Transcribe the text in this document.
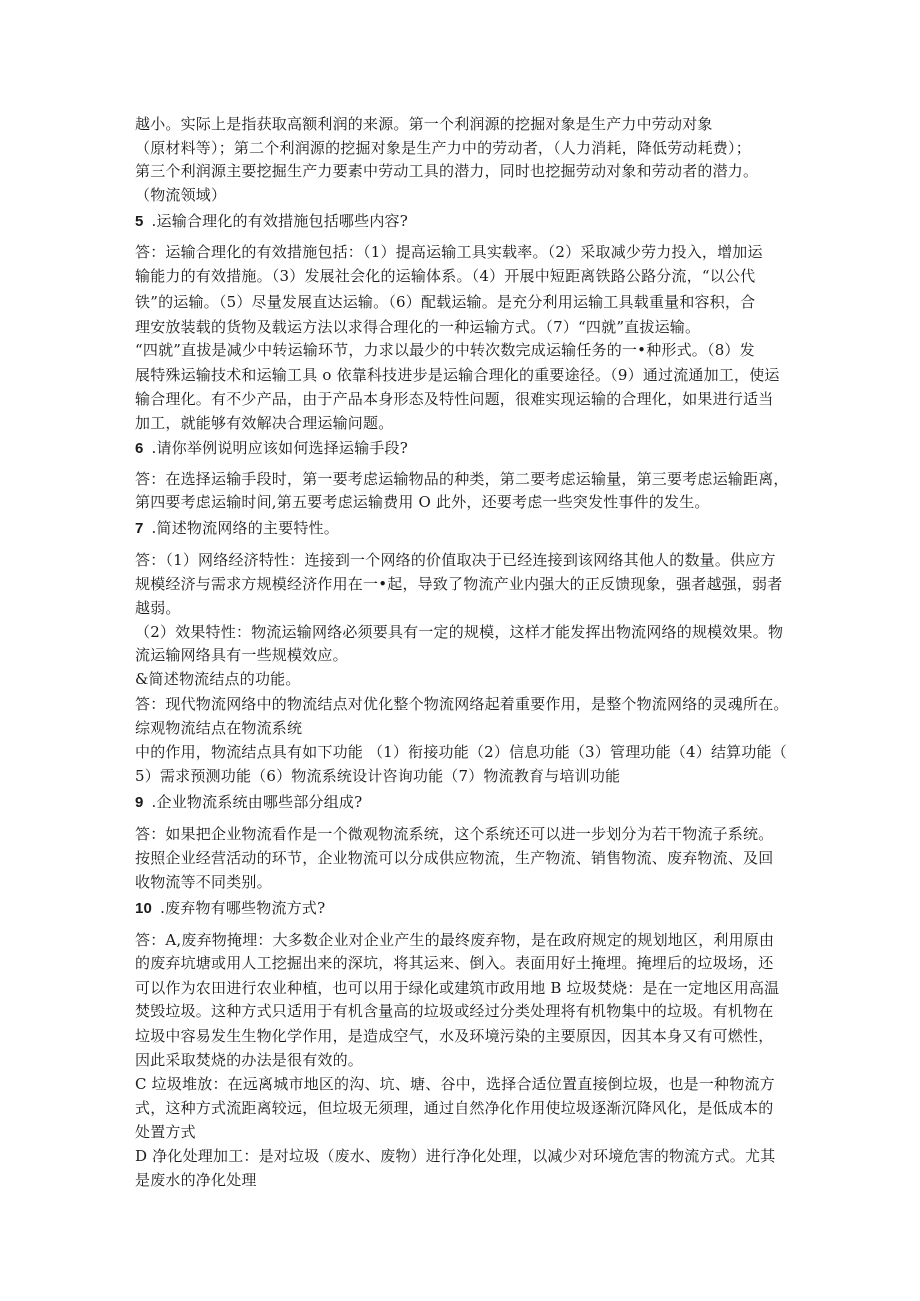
越小。实际上是指获取高额利润的来源。第一个利润源的挖掘对象是生产力中劳动对象

（原材料等）；第二个利润源的挖掘对象是生产力中的劳动者，（人力消耗，降低劳动耗费）；

第三个利润源主要挖掘生产力要素中劳动工具的潜力，同时也挖掘劳动对象和劳动者的潜力。

（物流领域）

5 .运输合理化的有效措施包括哪些内容?

答：运输合理化的有效措施包括：（1）提高运输工具实载率。（2）采取减少劳力投入，增加运

输能力的有效措施。（3）发展社会化的运输体系。（4）开展中短距离铁路公路分流，“以公代

铁”的运输。（5）尽量发展直达运输。（6）配载运输。是充分利用运输工具载重量和容积，合

理安放装载的货物及载运方法以求得合理化的一种运输方式。（7）“四就”直拔运输。

“四就”直拔是减少中转运输环节，力求以最少的中转次数完成运输任务的一•种形式。（8）发

展特殊运输技术和运输工具 o 依靠科技进步是运输合理化的重要途径。（9）通过流通加工，使运

输合理化。有不少产品，由于产品本身形态及特性问题，很难实现运输的合理化，如果进行适当

加工，就能够有效解决合理运输问题。

6 .请你举例说明应该如何选择运输手段?

答：在选择运输手段时，第一要考虑运输物品的种类，第二要考虑运输量，第三要考虑运输距离，

第四要考虑运输时间,第五要考虑运输费用 O 此外，还要考虑一些突发性事件的发生。

7 .简述物流网络的主要特性。

答：（1）网络经济特性：连接到一个网络的价值取决于已经连接到该网络其他人的数量。供应方

规模经济与需求方规模经济作用在一•起，导致了物流产业内强大的正反馈现象，强者越强，弱者

越弱。

（2）效果特性：物流运输网络必须要具有一定的规模，这样才能发挥出物流网络的规模效果。物

流运输网络具有一些规模效应。

&简述物流结点的功能。

答：现代物流网络中的物流结点对优化整个物流网络起着重要作用，是整个物流网络的灵魂所在。

综观物流结点在物流系统

中的作用，物流结点具有如下功能 （1）衔接功能（2）信息功能（3）管理功能（4）结算功能（

5）需求预测功能（6）物流系统设计咨询功能（7）物流教育与培训功能

9 .企业物流系统由哪些部分组成?

答：如果把企业物流看作是一个微观物流系统，这个系统还可以进一步划分为若干物流子系统。

按照企业经营活动的环节，企业物流可以分成供应物流，生产物流、销售物流、废弃物流、及回

收物流等不同类别。

10 .废弃物有哪些物流方式?

答：A,废弃物掩埋：大多数企业对企业产生的最终废弃物，是在政府规定的规划地区，利用原由

的废弃坑塘或用人工挖掘出来的深坑，将其运来、倒入。表面用好土掩埋。掩埋后的垃圾场，还

可以作为农田进行农业种植，也可以用于绿化或建筑市政用地 B 垃圾焚烧：是在一定地区用高温

焚毁垃圾。这种方式只适用于有机含量高的垃圾或经过分类处理将有机物集中的垃圾。有机物在

垃圾中容易发生生物化学作用，是造成空气，水及环境污染的主要原因，因其本身又有可燃性，

因此采取焚烧的办法是很有效的。

C 垃圾堆放：在远离城市地区的沟、坑、塘、谷中，选择合适位置直接倒垃圾，也是一种物流方

式，这种方式流距离较远，但垃圾无须理，通过自然净化作用使垃圾逐渐沉降风化，是低成本的

处置方式

D 净化处理加工：是对垃圾（废水、废物）进行净化处理，以减少对环境危害的物流方式。尤其

是废水的净化处理
